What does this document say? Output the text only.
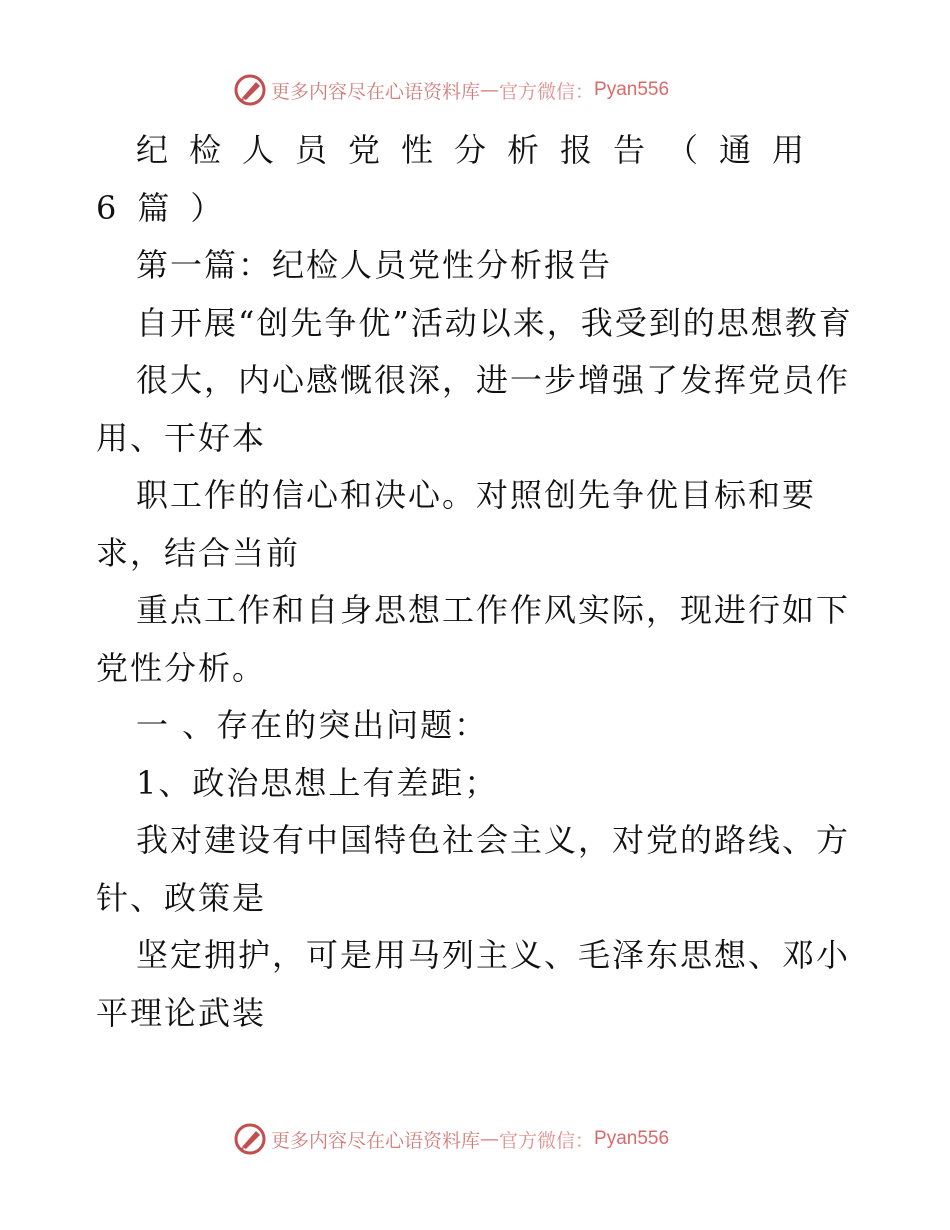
更多内容尽在心语资料库 — 官方微信： Pyan556

纪检人员党性分析报告（通用6篇）

第一篇：纪检人员党性分析报告

自开展“创先争优”活动以来，我受到的思想教育

很大，内心感慨很深，进一步增强了发挥党员作用、干好本

职工作的信心和决心。对照创先争优目标和要求，结合当前

重点工作和自身思想工作作风实际，现进行如下党性分析。

一 、存在的突出问题：

1、政治思想上有差距；

我对建设有中国特色社会主义，对党的路线、方针、政策是

坚定拥护，可是用马列主义、毛泽东思想、邓小平理论武装

更多内容尽在心语资料库 — 官方微信： Pyan556
